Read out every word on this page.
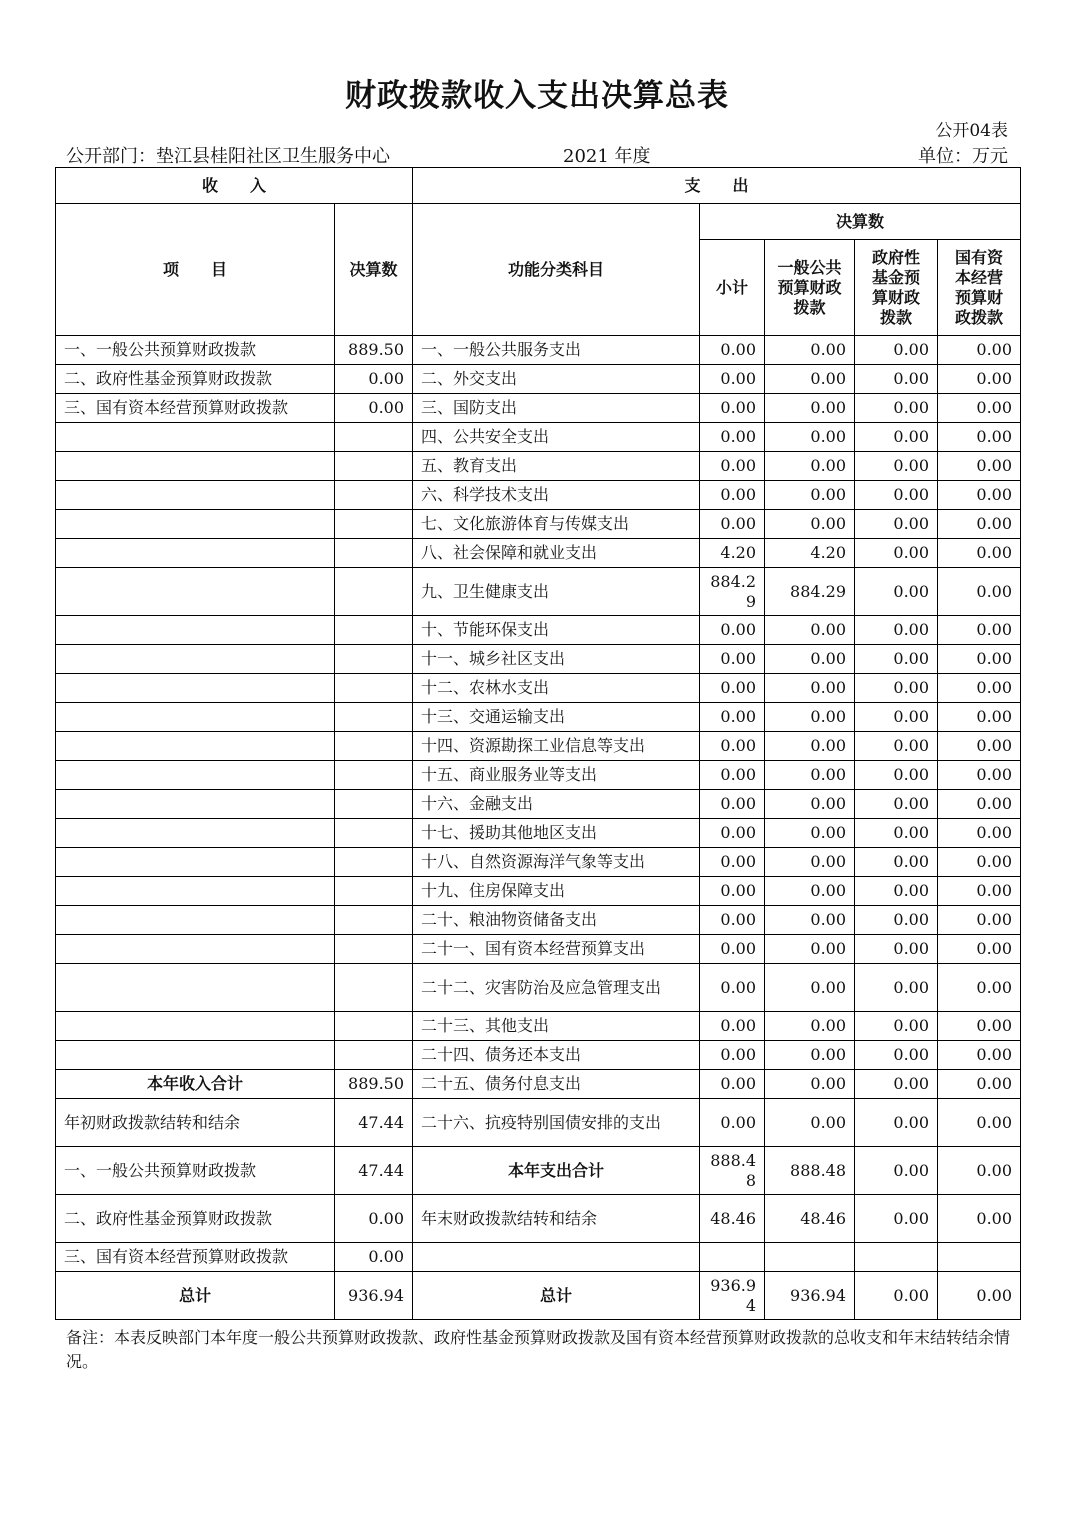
财政拨款收入支出决算总表
公开04表
公开部门：垫江县桂阳社区卫生服务中心	2021 年度	单位：万元
收　　入		支　　出				
项　　目	决算数	功能分类科目	决算数			
			小计	一般公共预算财政拨款	政府性基金预算财政拨款	国有资本经营预算财政拨款
一、一般公共预算财政拨款	889.50	一、一般公共服务支出	0.00	0.00	0.00	0.00
二、政府性基金预算财政拨款	0.00	二、外交支出	0.00	0.00	0.00	0.00
三、国有资本经营预算财政拨款	0.00	三、国防支出	0.00	0.00	0.00	0.00
		四、公共安全支出	0.00	0.00	0.00	0.00
		五、教育支出	0.00	0.00	0.00	0.00
		六、科学技术支出	0.00	0.00	0.00	0.00
		七、文化旅游体育与传媒支出	0.00	0.00	0.00	0.00
		八、社会保障和就业支出	4.20	4.20	0.00	0.00
		九、卫生健康支出	884.29	884.29	0.00	0.00
		十、节能环保支出	0.00	0.00	0.00	0.00
		十一、城乡社区支出	0.00	0.00	0.00	0.00
		十二、农林水支出	0.00	0.00	0.00	0.00
		十三、交通运输支出	0.00	0.00	0.00	0.00
		十四、资源勘探工业信息等支出	0.00	0.00	0.00	0.00
		十五、商业服务业等支出	0.00	0.00	0.00	0.00
		十六、金融支出	0.00	0.00	0.00	0.00
		十七、援助其他地区支出	0.00	0.00	0.00	0.00
		十八、自然资源海洋气象等支出	0.00	0.00	0.00	0.00
		十九、住房保障支出	0.00	0.00	0.00	0.00
		二十、粮油物资储备支出	0.00	0.00	0.00	0.00
		二十一、国有资本经营预算支出	0.00	0.00	0.00	0.00
		二十二、灾害防治及应急管理支出	0.00	0.00	0.00	0.00
		二十三、其他支出	0.00	0.00	0.00	0.00
		二十四、债务还本支出	0.00	0.00	0.00	0.00
本年收入合计	889.50	二十五、债务付息支出	0.00	0.00	0.00	0.00
年初财政拨款结转和结余	47.44	二十六、抗疫特别国债安排的支出	0.00	0.00	0.00	0.00
一、一般公共预算财政拨款	47.44	本年支出合计	888.48	888.48	0.00	0.00
二、政府性基金预算财政拨款	0.00	年末财政拨款结转和结余	48.46	48.46	0.00	0.00
三、国有资本经营预算财政拨款	0.00					
总计	936.94	总计	936.94	936.94	0.00	0.00
备注：本表反映部门本年度一般公共预算财政拨款、政府性基金预算财政拨款及国有资本经营预算财政拨款的总收支和年末结转结余情况。
